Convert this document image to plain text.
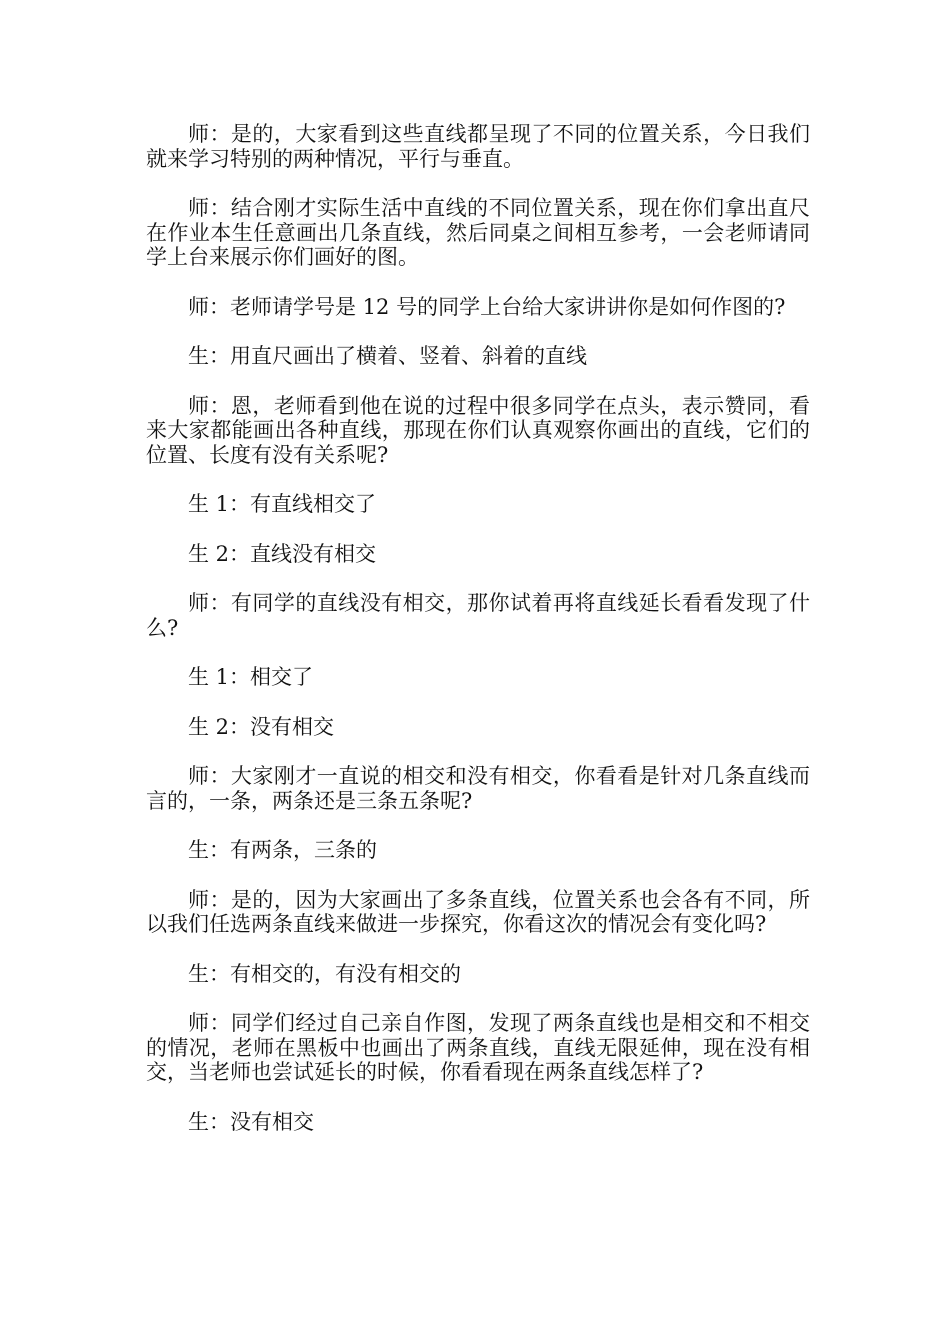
师：是的，大家看到这些直线都呈现了不同的位置关系，今日我们就来学习特别的两种情况，平行与垂直。

师：结合刚才实际生活中直线的不同位置关系，现在你们拿出直尺在作业本生任意画出几条直线，然后同桌之间相互参考，一会老师请同学上台来展示你们画好的图。

师：老师请学号是 12 号的同学上台给大家讲讲你是如何作图的?

生：用直尺画出了横着、竖着、斜着的直线

师：恩，老师看到他在说的过程中很多同学在点头，表示赞同，看来大家都能画出各种直线，那现在你们认真观察你画出的直线，它们的位置、长度有没有关系呢?

生 1：有直线相交了

生 2：直线没有相交

师：有同学的直线没有相交，那你试着再将直线延长看看发现了什么?

生 1：相交了

生 2：没有相交

师：大家刚才一直说的相交和没有相交，你看看是针对几条直线而言的，一条，两条还是三条五条呢?

生：有两条，三条的

师：是的，因为大家画出了多条直线，位置关系也会各有不同，所以我们任选两条直线来做进一步探究，你看这次的情况会有变化吗?

生：有相交的，有没有相交的

师：同学们经过自己亲自作图，发现了两条直线也是相交和不相交的情况，老师在黑板中也画出了两条直线，直线无限延伸，现在没有相交，当老师也尝试延长的时候，你看看现在两条直线怎样了?

生：没有相交
